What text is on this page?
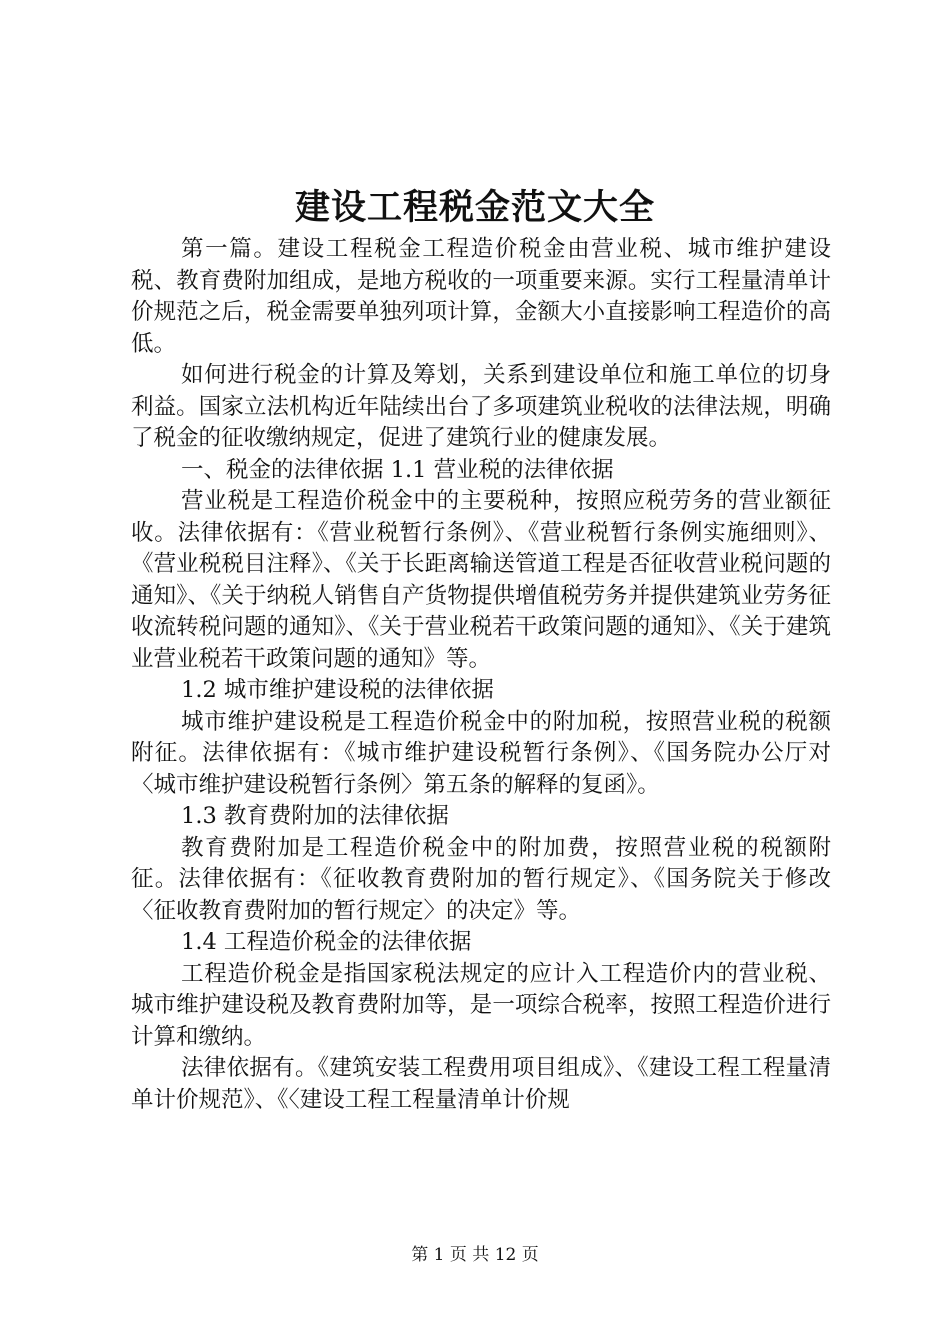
建设工程税金范文大全

第一篇。建设工程税金工程造价税金由营业税、城市维护建设税、教育费附加组成，是地方税收的一项重要来源。实行工程量清单计价规范之后，税金需要单独列项计算，金额大小直接影响工程造价的高低。

如何进行税金的计算及筹划，关系到建设单位和施工单位的切身利益。国家立法机构近年陆续出台了多项建筑业税收的法律法规，明确了税金的征收缴纳规定，促进了建筑行业的健康发展。

一、税金的法律依据 1.1 营业税的法律依据

营业税是工程造价税金中的主要税种，按照应税劳务的营业额征收。法律依据有：《营业税暂行条例》、《营业税暂行条例实施细则》、《营业税税目注释》、《关于长距离输送管道工程是否征收营业税问题的通知》、《关于纳税人销售自产货物提供增值税劳务并提供建筑业劳务征收流转税问题的通知》、《关于营业税若干政策问题的通知》、《关于建筑业营业税若干政策问题的通知》等。

1.2 城市维护建设税的法律依据

城市维护建设税是工程造价税金中的附加税，按照营业税的税额附征。法律依据有：《城市维护建设税暂行条例》、《国务院办公厅对〈城市维护建设税暂行条例〉第五条的解释的复函》。

1.3 教育费附加的法律依据

教育费附加是工程造价税金中的附加费，按照营业税的税额附征。法律依据有：《征收教育费附加的暂行规定》、《国务院关于修改〈征收教育费附加的暂行规定〉的决定》等。

1.4 工程造价税金的法律依据

工程造价税金是指国家税法规定的应计入工程造价内的营业税、城市维护建设税及教育费附加等，是一项综合税率，按照工程造价进行计算和缴纳。

法律依据有。《建筑安装工程费用项目组成》、《建设工程工程量清单计价规范》、《〈建设工程工程量清单计价规

第 1 页 共 12 页
